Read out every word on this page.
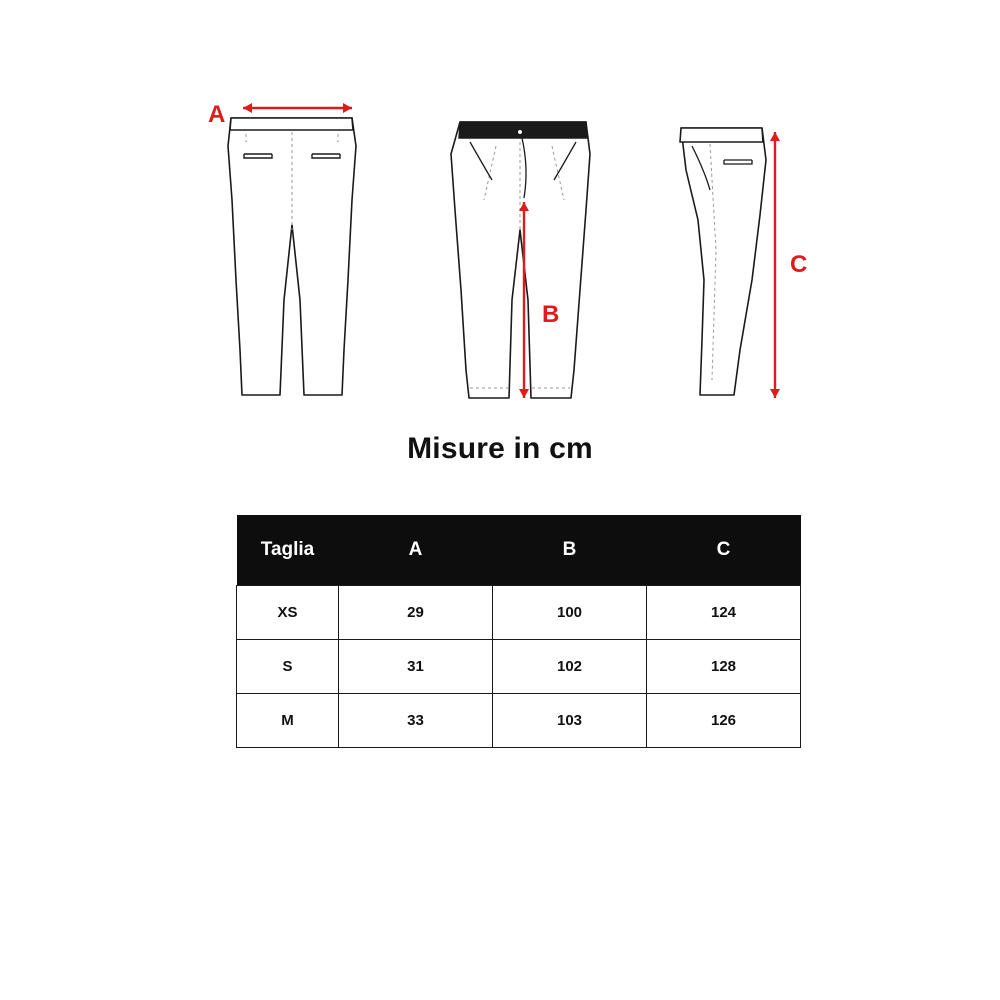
A
B
C
Misure in cm
Taglia	A	B	C
XS	29	100	124
S	31	102	128
M	33	103	126
